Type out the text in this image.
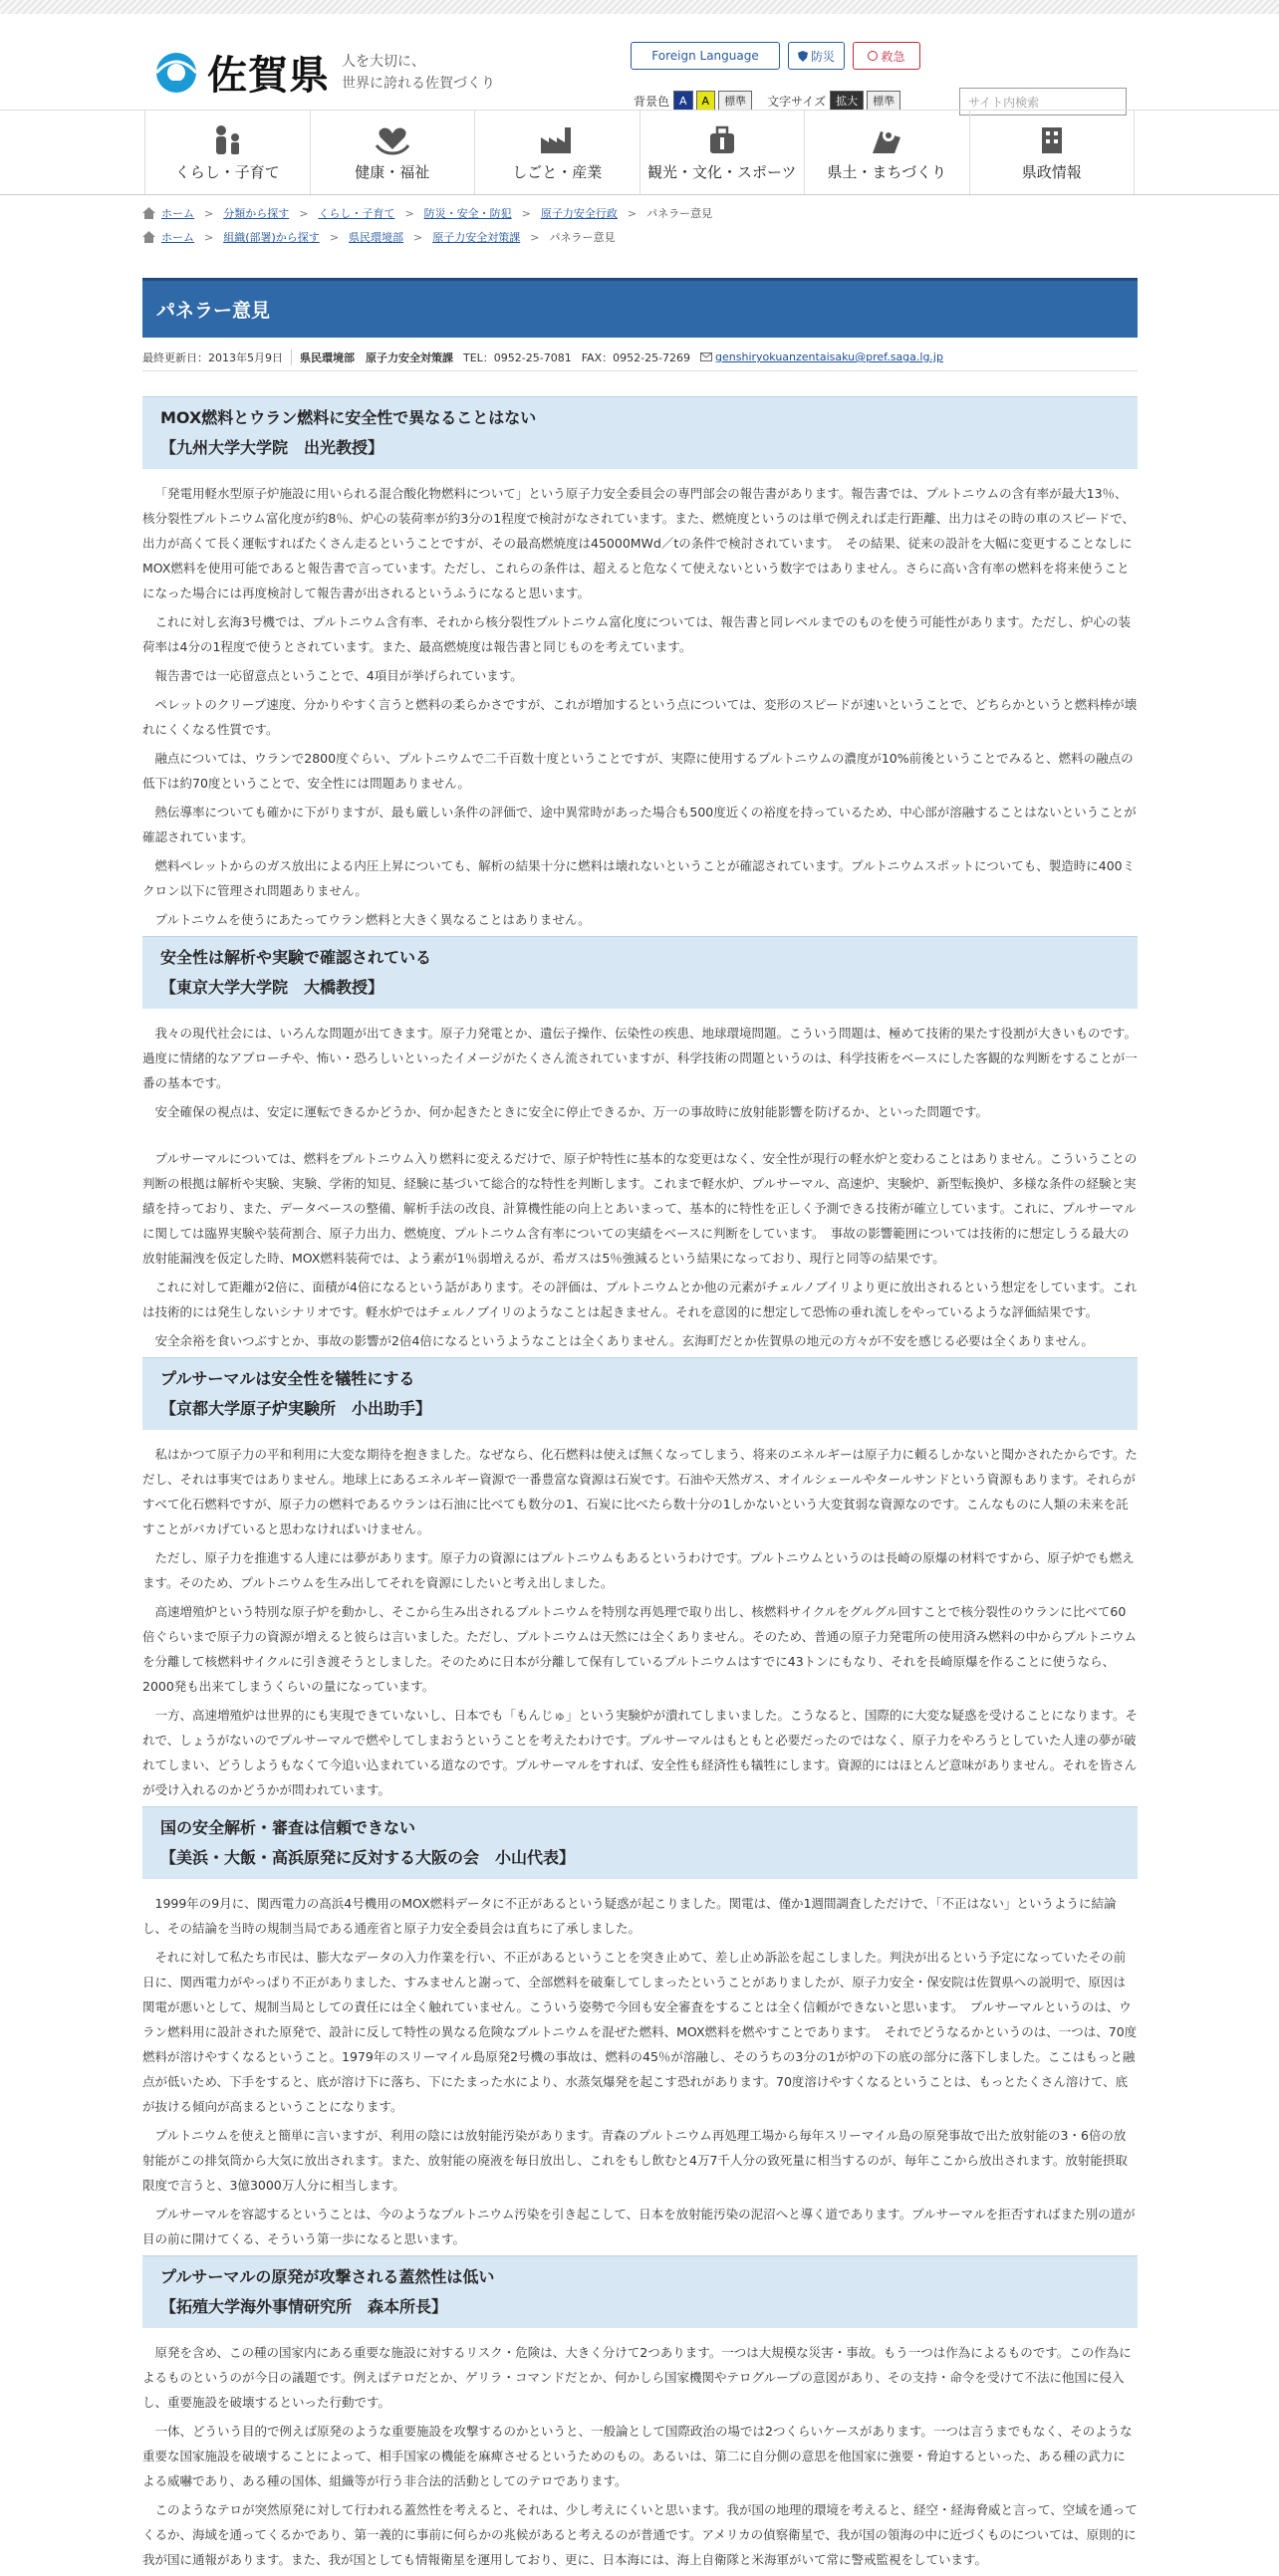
佐賀県 人を大切に、
世界に誇れる佐賀づくり
Foreign Language	防災	救急
背景色 A	A	標準	文字サイズ 拡大	標準	サイト内検索
くらし・子育て	健康・福祉	しごと・産業	観光・文化・スポーツ 県土・まちづくり	県政情報
ホーム > 分類から探す > くらし・子育て > 防災・安全・防犯 > 原子力安全行政 > パネラー意見
ホーム > 組織(部署)から探す > 県民環境部 > 原子力安全対策課 > パネラー意見
パネラー意見
最終更新日：2013年5月9日	県民環境部　原子力安全対策課 TEL：0952-25-7081 FAX：0952-25-7269 genshiryokuanzentaisaku@pref.saga.lg.jp
MOX燃料とウラン燃料に安全性で異なることはない
【九州大学大学院　出光教授】

「発電用軽水型原子炉施設に用いられる混合酸化物燃料について」という原子力安全委員会の専門部会の報告書があります。報告書では、プルトニウムの含有率が最大13％、核分裂性プルトニウム富化度が約8％、炉心の装荷率が約3分の1程度で検討がなされています。また、燃焼度というのは単で例えれば走行距離、出力はその時の車のスピードで、出力が高くて長く運転すればたくさん走るということですが、その最高燃焼度は45000MWd／tの条件で検討されています。　その結果、従来の設計を大幅に変更することなしにMOX燃料を使用可能であると報告書で言っています。ただし、これらの条件は、超えると危なくて使えないという数字ではありません。さらに高い含有率の燃料を将来使うことになった場合には再度検討して報告書が出されるというふうになると思います。

これに対し玄海3号機では、プルトニウム含有率、それから核分裂性プルトニウム富化度については、報告書と同レベルまでのものを使う可能性があります。ただし、炉心の装荷率は4分の1程度で使うとされています。また、最高燃焼度は報告書と同じものを考えています。

報告書では一応留意点ということで、4項目が挙げられています。

ペレットのクリープ速度、分かりやすく言うと燃料の柔らかさですが、これが増加するという点については、変形のスピードが速いということで、どちらかというと燃料棒が壊れにくくなる性質です。

融点については、ウランで2800度ぐらい、プルトニウムで二千百数十度ということですが、実際に使用するプルトニウムの濃度が10%前後ということでみると、燃料の融点の低下は約70度ということで、安全性には問題ありません。

熱伝導率についても確かに下がりますが、最も厳しい条件の評価で、途中異常時があった場合も500度近くの裕度を持っているため、中心部が溶融することはないということが確認されています。

燃料ペレットからのガス放出による内圧上昇についても、解析の結果十分に燃料は壊れないということが確認されています。プルトニウムスポットについても、製造時に400ミクロン以下に管理され問題ありません。

プルトニウムを使うにあたってウラン燃料と大きく異なることはありません。

安全性は解析や実験で確認されている
【東京大学大学院　大橋教授】

我々の現代社会には、いろんな問題が出てきます。原子力発電とか、遺伝子操作、伝染性の疾患、地球環境問題。こういう問題は、極めて技術的果たす役割が大きいものです。過度に情緒的なアプローチや、怖い・恐ろしいといったイメージがたくさん流されていますが、科学技術の問題というのは、科学技術をベースにした客観的な判断をすることが一番の基本です。

安全確保の視点は、安定に運転できるかどうか、何か起きたときに安全に停止できるか、万一の事故時に放射能影響を防げるか、といった問題です。

プルサーマルについては、燃料をプルトニウム入り燃料に変えるだけで、原子炉特性に基本的な変更はなく、安全性が現行の軽水炉と変わることはありません。こういうことの判断の根拠は解析や実験、実験、学術的知見、経験に基づいて総合的な特性を判断します。これまで軽水炉、プルサーマル、高速炉、実験炉、新型転換炉、多様な条件の経験と実績を持っており、また、データベースの整備、解析手法の改良、計算機性能の向上とあいまって、基本的に特性を正しく予測できる技術が確立しています。これに、プルサーマルに関しては臨界実験や装荷割合、原子力出力、燃焼度、プルトニウム含有率についての実績をベースに判断をしています。　事故の影響範囲については技術的に想定しうる最大の放射能漏洩を仮定した時、MOX燃料装荷では、よう素が1％弱増えるが、希ガスは5％強減るという結果になっており、現行と同等の結果です。

これに対して距離が2倍に、面積が4倍になるという話があります。その評価は、プルトニウムとか他の元素がチェルノブイリより更に放出されるという想定をしています。これは技術的には発生しないシナリオです。軽水炉ではチェルノブイリのようなことは起きません。それを意図的に想定して恐怖の垂れ流しをやっているような評価結果です。

安全余裕を食いつぶすとか、事故の影響が2倍4倍になるというようなことは全くありません。玄海町だとか佐賀県の地元の方々が不安を感じる必要は全くありません。

プルサーマルは安全性を犠牲にする
【京都大学原子炉実験所　小出助手】

私はかつて原子力の平和利用に大変な期待を抱きました。なぜなら、化石燃料は使えば無くなってしまう、将来のエネルギーは原子力に頼るしかないと聞かされたからです。ただし、それは事実ではありません。地球上にあるエネルギー資源で一番豊富な資源は石炭です。石油や天然ガス、オイルシェールやタールサンドという資源もあります。それらがすべて化石燃料ですが、原子力の燃料であるウランは石油に比べても数分の1、石炭に比べたら数十分の1しかないという大変貧弱な資源なのです。こんなものに人類の未来を託すことがバカげていると思わなければいけません。

ただし、原子力を推進する人達には夢があります。原子力の資源にはプルトニウムもあるというわけです。プルトニウムというのは長崎の原爆の材料ですから、原子炉でも燃えます。そのため、プルトニウムを生み出してそれを資源にしたいと考え出しました。

高速増殖炉という特別な原子炉を動かし、そこから生み出されるプルトニウムを特別な再処理で取り出し、核燃料サイクルをグルグル回すことで核分裂性のウランに比べて60倍ぐらいまで原子力の資源が増えると彼らは言いました。ただし、プルトニウムは天然には全くありません。そのため、普通の原子力発電所の使用済み燃料の中からプルトニウムを分離して核燃料サイクルに引き渡そうとしました。そのために日本が分離して保有しているプルトニウムはすでに43トンにもなり、それを長崎原爆を作ることに使うなら、2000発も出来てしまうくらいの量になっています。

一方、高速増殖炉は世界的にも実現できていないし、日本でも「もんじゅ」という実験炉が潰れてしまいました。こうなると、国際的に大変な疑惑を受けることになります。それで、しょうがないのでプルサーマルで燃やしてしまおうということを考えたわけです。プルサーマルはもともと必要だったのではなく、原子力をやろうとしていた人達の夢が破れてしまい、どうしようもなくて今追い込まれている道なのです。プルサーマルをすれば、安全性も経済性も犠牲にします。資源的にはほとんど意味がありません。それを皆さんが受け入れるのかどうかが問われています。

国の安全解析・審査は信頼できない
【美浜・大飯・高浜原発に反対する大阪の会　小山代表】

1999年の9月に、関西電力の高浜4号機用のMOX燃料データに不正があるという疑惑が起こりました。関電は、僅か1週間調査しただけで、「不正はない」というように結論し、その結論を当時の規制当局である通産省と原子力安全委員会は直ちに了承しました。

それに対して私たち市民は、膨大なデータの入力作業を行い、不正があるということを突き止めて、差し止め訴訟を起こしました。判決が出るという予定になっていたその前日に、関西電力がやっぱり不正がありました、すみませんと謝って、全部燃料を破棄してしまったということがありましたが、原子力安全・保安院は佐賀県への説明で、原因は関電が悪いとして、規制当局としての責任には全く触れていません。こういう姿勢で今回も安全審査をすることは全く信頼ができないと思います。　プルサーマルというのは、ウラン燃料用に設計された原発で、設計に反して特性の異なる危険なプルトニウムを混ぜた燃料、MOX燃料を燃やすことであります。　それでどうなるかというのは、一つは、70度燃料が溶けやすくなるということ。1979年のスリーマイル島原発2号機の事故は、燃料の45％が溶融し、そのうちの3分の1が炉の下の底の部分に落下しました。ここはもっと融点が低いため、下手をすると、底が溶け下に落ち、下にたまった水により、水蒸気爆発を起こす恐れがあります。70度溶けやすくなるということは、もっとたくさん溶けて、底が抜ける傾向が高まるということになります。

プルトニウムを使えと簡単に言いますが、利用の陰には放射能汚染があります。青森のプルトニウム再処理工場から毎年スリーマイル島の原発事故で出た放射能の3・6倍の放射能がこの排気筒から大気に放出されます。また、放射能の廃液を毎日放出し、これをもし飲むと4万7千人分の致死量に相当するのが、毎年ここから放出されます。放射能摂取限度で言うと、3億3000万人分に相当します。

プルサーマルを容認するということは、今のようなプルトニウム汚染を引き起こして、日本を放射能汚染の泥沼へと導く道であります。プルサーマルを拒否すればまた別の道が目の前に開けてくる、そういう第一歩になると思います。

プルサーマルの原発が攻撃される蓋然性は低い
【拓殖大学海外事情研究所　森本所長】

原発を含め、この種の国家内にある重要な施設に対するリスク・危険は、大きく分けて2つあります。一つは大規模な災害・事故。もう一つは作為によるものです。この作為によるものというのが今日の議題です。例えばテロだとか、ゲリラ・コマンドだとか、何かしら国家機関やテログループの意図があり、その支持・命令を受けて不法に他国に侵入し、重要施設を破壊するといった行動です。

一体、どういう目的で例えば原発のような重要施設を攻撃するのかというと、一般論として国際政治の場では2つくらいケースがあります。一つは言うまでもなく、そのような重要な国家施設を破壊することによって、相手国家の機能を麻痺させるというためのもの。あるいは、第二に自分側の意思を他国家に強要・脅迫するといった、ある種の武力による威嚇であり、ある種の国体、組織等が行う非合法的活動としてのテロであります。

このようなテロが突然原発に対して行われる蓋然性を考えると、それは、少し考えにくいと思います。我が国の地理的環境を考えると、経空・経海脅威と言って、空域を通ってくるか、海域を通ってくるかであり、第一義的に事前に何らかの兆候があると考えるのが普通です。アメリカの偵察衛星で、我が国の領海の中に近づくものについては、原則的に我が国に通報があります。また、我が国としても情報衛星を運用しており、更に、日本海には、海上自衛隊と米海軍がいて常に警戒監視をしています。
